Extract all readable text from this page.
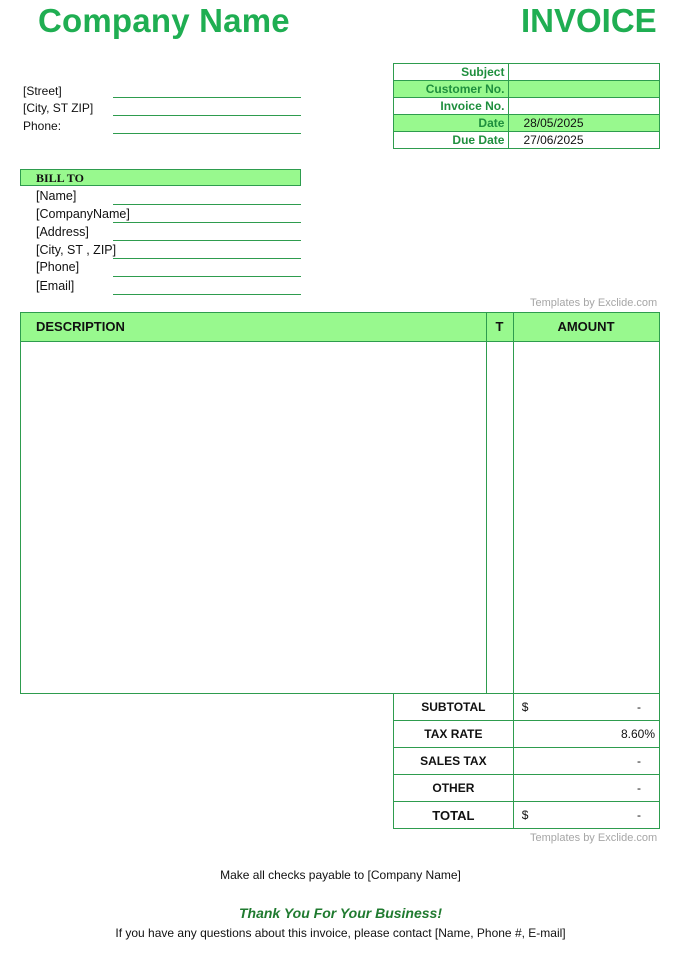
Company Name	INVOICE
[Street]
[City, ST ZIP]
Phone:
Subject	
Customer No.	
Invoice No.	
Date	28/05/2025
Due Date	27/06/2025
BILL TO
[Name]
[CompanyName]
[Address]
[City, ST , ZIP]
[Phone]
[Email]
Templates by Exclide.com
DESCRIPTION	T	AMOUNT
SUBTOTAL	$ -

TAX RATE	8.60%

SALES TAX	-

OTHER	-

TOTAL	$ -
Templates by Exclide.com
Make all checks payable to [Company Name]
Thank You For Your Business!
If you have any questions about this invoice, please contact [Name, Phone #, E-mail]
